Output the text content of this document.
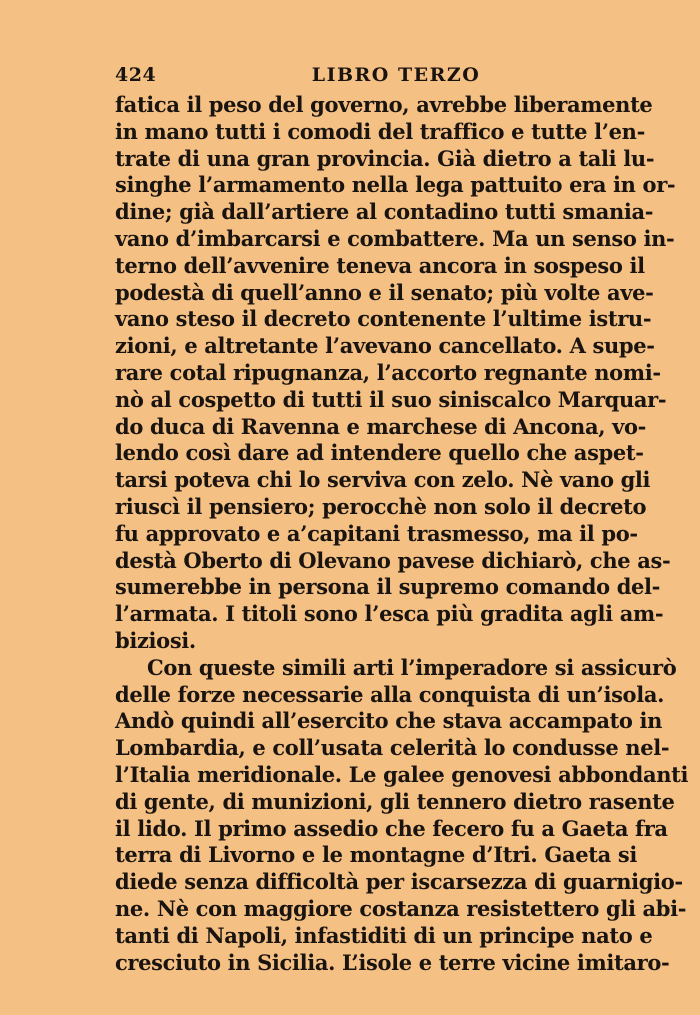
424	LIBRO TERZO
fatica il peso del governo, avrebbe liberamente
in mano tutti i comodi del traffico e tutte l’en-
trate di una gran provincia. Già dietro a tali lu-
singhe l’armamento nella lega pattuito era in or-
dine; già dall’artiere al contadino tutti smania-
vano d’imbarcarsi e combattere. Ma un senso in-
terno dell’avvenire teneva ancora in sospeso il
podestà di quell’anno e il senato; più volte ave-
vano steso il decreto contenente l’ultime istru-
zioni, e altretante l’avevano cancellato. A supe-
rare cotal ripugnanza, l’accorto regnante nomi-
nò al cospetto di tutti il suo siniscalco Marquar-
do duca di Ravenna e marchese di Ancona, vo-
lendo così dare ad intendere quello che aspet-
tarsi poteva chi lo serviva con zelo. Nè vano gli
riuscì il pensiero; perocchè non solo il decreto
fu approvato e a’capitani trasmesso, ma il po-
destà Oberto di Olevano pavese dichiarò, che as-
sumerebbe in persona il supremo comando del-
l’armata. I titoli sono l’esca più gradita agli am-
biziosi.
Con queste simili arti l’imperadore si assicurò
delle forze necessarie alla conquista di un’isola.
Andò quindi all’esercito che stava accampato in
Lombardia, e coll’usata celerità lo condusse nel-
l’Italia meridionale. Le galee genovesi abbondanti
di gente, di munizioni, gli tennero dietro rasente
il lido. Il primo assedio che fecero fu a Gaeta fra
terra di Livorno e le montagne d’Itri. Gaeta si
diede senza difficoltà per iscarsezza di guarnigio-
ne. Nè con maggiore costanza resistettero gli abi-
tanti di Napoli, infastiditi di un principe nato e
cresciuto in Sicilia. L’isole e terre vicine imitaro-
